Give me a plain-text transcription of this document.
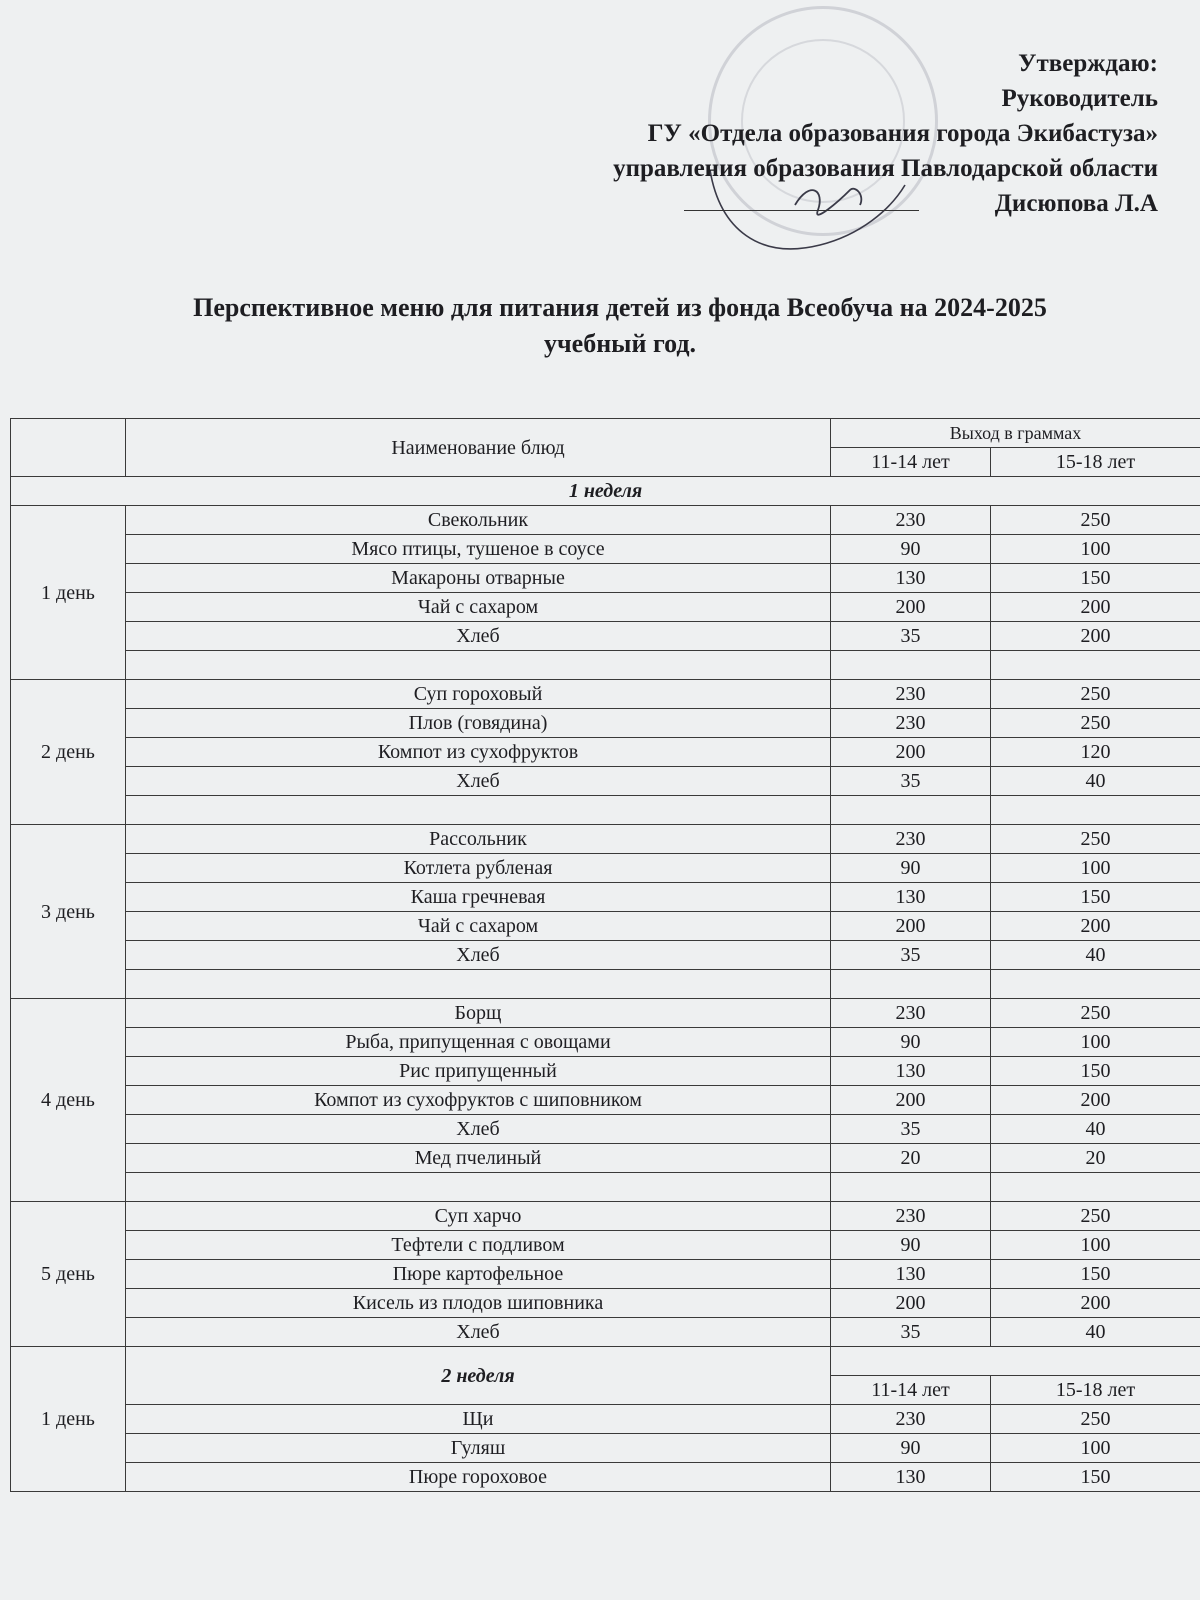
Утверждаю:
Руководитель
ГУ «Отдела образования города Экибастуза»
управления образования Павлодарской области
Дисюпова Л.А
Перспективное меню для питания детей из фонда Всеобуча на 2024-2025
учебный год.
	Наименование блюд	Выход в граммах	
		11-14 лет	15-18 лет
1 неделя			
1 день	Свекольник	230	250
	Мясо птицы, тушеное в соусе	90	100
	Макароны отварные	130	150
	Чай с сахаром	200	200
	Хлеб	35	200

2 день	Суп гороховый	230	250
	Плов (говядина)	230	250
	Компот из сухофруктов	200	120
	Хлеб	35	40

3 день	Рассольник	230	250
	Котлета рубленая	90	100
	Каша гречневая	130	150
	Чай с сахаром	200	200
	Хлеб	35	40

4 день	Борщ	230	250
	Рыба, припущенная с овощами	90	100
	Рис припущенный	130	150
	Компот из сухофруктов с шиповником	200	200
	Хлеб	35	40
	Мед пчелиный	20	20

5 день	Суп харчо	230	250
	Тефтели с подливом	90	100
	Пюре картофельное	130	150
	Кисель из плодов шиповника	200	200
	Хлеб	35	40
1 день	2 неделя		
		11-14 лет	15-18 лет
	Щи	230	250
	Гуляш	90	100
	Пюре гороховое	130	150
